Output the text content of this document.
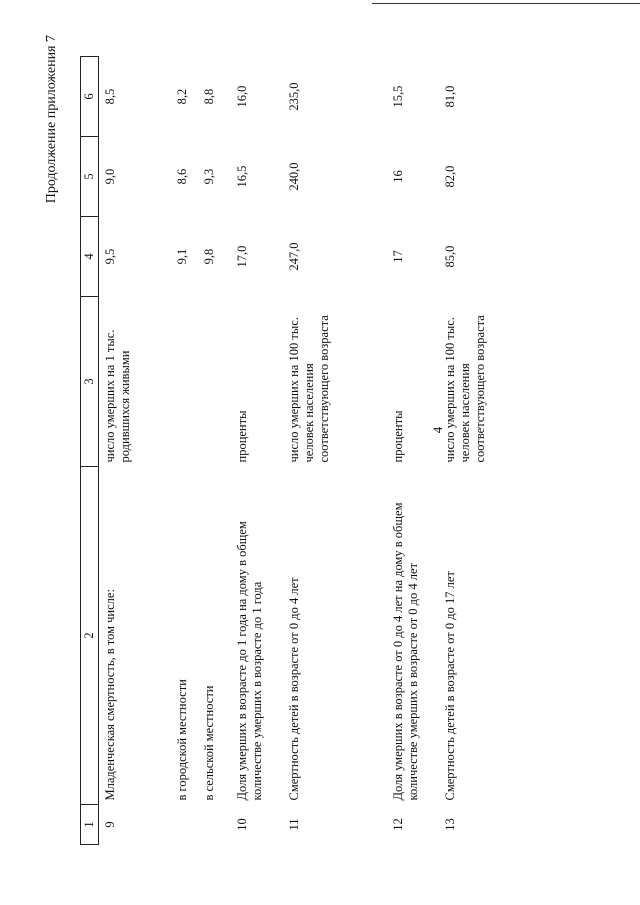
4
Продолжение приложения 7
1	2	3	4	5	6
9	Младенческая смертность, в том числе:	число умерших на 1 тыс. родившихся живыми	9,5	9,0	8,5
	в городской местности		9,1	8,6	8,2
	в сельской местности		9,8	9,3	8,8
10	Доля умерших в возрасте до 1 года на дому в общем количестве умерших в возрасте до 1 года	проценты	17,0	16,5	16,0
11	Смертность детей в возрасте от 0 до 4 лет	число умерших на 100 тыс. человек населения соответствующего возраста	247,0	240,0	235,0
12	Доля умерших в возрасте от 0 до 4 лет на дому в общем количестве умерших в возрасте от 0 до 4 лет	проценты	17	16	15,5
13	Смертность детей в возрасте от 0 до 17 лет	число умерших на 100 тыс. человек населения соответствующего возраста	85,0	82,0	81,0
